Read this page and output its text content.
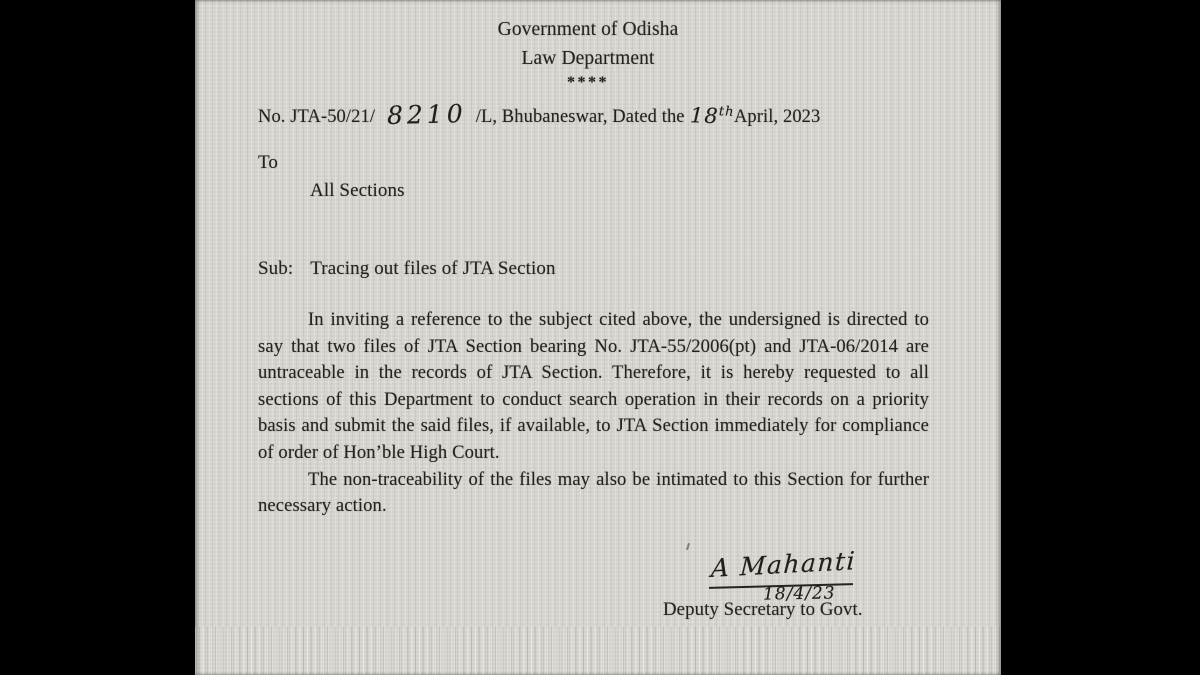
Government of Odisha
Law Department
****
No. JTA-50/21/ 8210 /L, Bhubaneswar, Dated the 18thApril, 2023
To
All Sections
Sub: Tracing out files of JTA Section

In inviting a reference to the subject cited above, the undersigned is directed to say that two files of JTA Section bearing No. JTA-55/2006(pt) and JTA-06/2014 are untraceable in the records of JTA Section. Therefore, it is hereby requested to all sections of this Department to conduct search operation in their records on a priority basis and submit the said files, if available, to JTA Section immediately for compliance of order of Hon’ble High Court.

The non-traceability of the files may also be intimated to this Section for further necessary action.

A Mahanti
18/4/23
Deputy Secretary to Govt.
